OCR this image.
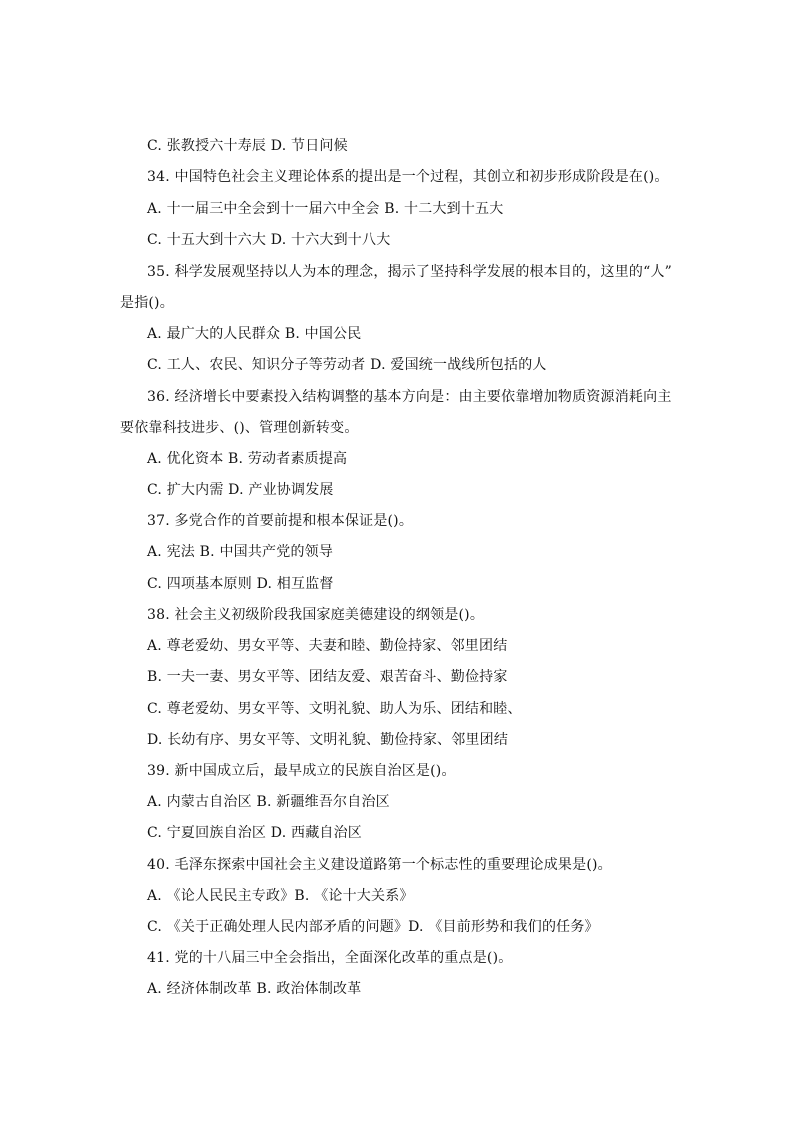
C. 张教授六十寿辰 D. 节日问候
34. 中国特色社会主义理论体系的提出是一个过程，其创立和初步形成阶段是在()。
A. 十一届三中全会到十一届六中全会 B. 十二大到十五大
C. 十五大到十六大 D. 十六大到十八大
35. 科学发展观坚持以人为本的理念，揭示了坚持科学发展的根本目的，这里的“人”
是指()。
A. 最广大的人民群众 B. 中国公民
C. 工人、农民、知识分子等劳动者 D. 爱国统一战线所包括的人
36. 经济增长中要素投入结构调整的基本方向是：由主要依靠增加物质资源消耗向主
要依靠科技进步、()、管理创新转变。
A. 优化资本 B. 劳动者素质提高
C. 扩大内需 D. 产业协调发展
37. 多党合作的首要前提和根本保证是()。
A. 宪法 B. 中国共产党的领导
C. 四项基本原则 D. 相互监督
38. 社会主义初级阶段我国家庭美德建设的纲领是()。
A. 尊老爱幼、男女平等、夫妻和睦、勤俭持家、邻里团结
B. 一夫一妻、男女平等、团结友爱、艰苦奋斗、勤俭持家
C. 尊老爱幼、男女平等、文明礼貌、助人为乐、团结和睦、
D. 长幼有序、男女平等、文明礼貌、勤俭持家、邻里团结
39. 新中国成立后，最早成立的民族自治区是()。
A. 内蒙古自治区 B. 新疆维吾尔自治区
C. 宁夏回族自治区 D. 西藏自治区
40. 毛泽东探索中国社会主义建设道路第一个标志性的重要理论成果是()。
A. 《论人民民主专政》B. 《论十大关系》
C. 《关于正确处理人民内部矛盾的问题》D. 《目前形势和我们的任务》
41. 党的十八届三中全会指出，全面深化改革的重点是()。
A. 经济体制改革 B. 政治体制改革
